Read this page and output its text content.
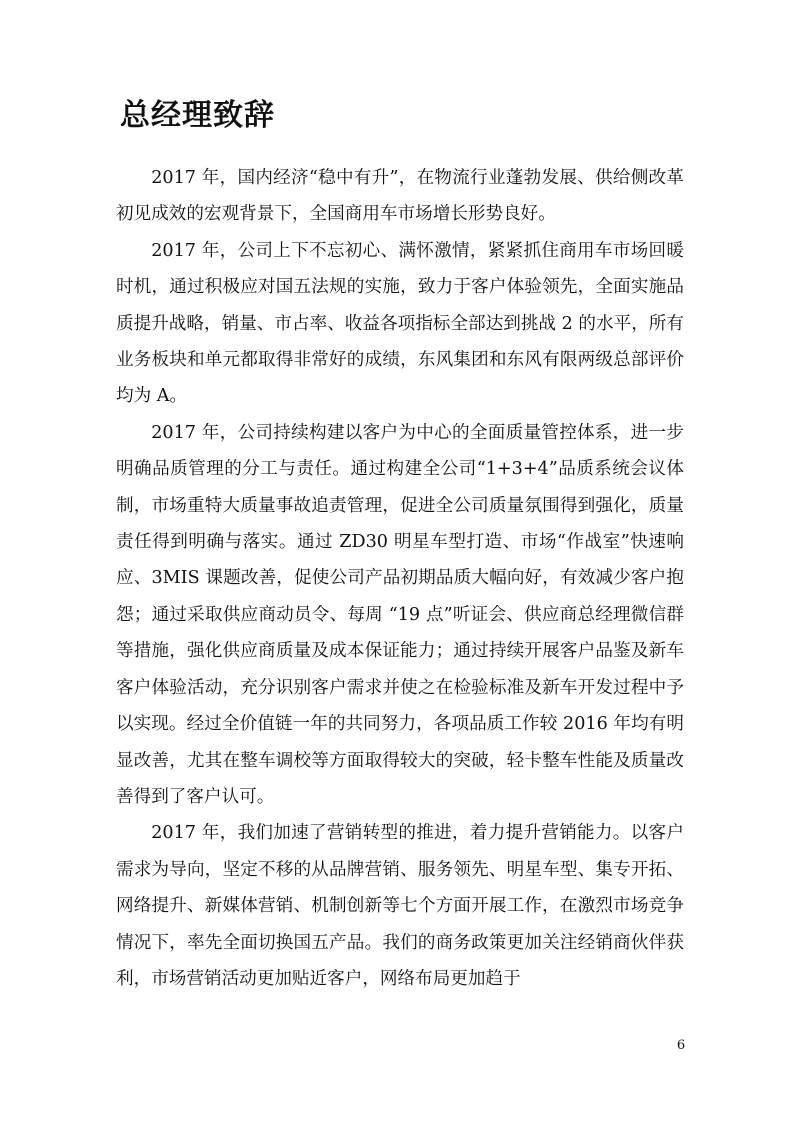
总经理致辞

2017 年，国内经济“稳中有升”，在物流行业蓬勃发展、供给侧改革初见成效的宏观背景下，全国商用车市场增长形势良好。

2017 年，公司上下不忘初心、满怀激情，紧紧抓住商用车市场回暖时机，通过积极应对国五法规的实施，致力于客户体验领先，全面实施品质提升战略，销量、市占率、收益各项指标全部达到挑战 2 的水平，所有业务板块和单元都取得非常好的成绩，东风集团和东风有限两级总部评价均为 A。

2017 年，公司持续构建以客户为中心的全面质量管控体系，进一步明确品质管理的分工与责任。通过构建全公司“1+3+4”品质系统会议体制，市场重特大质量事故追责管理，促进全公司质量氛围得到强化，质量责任得到明确与落实。通过 ZD30 明星车型打造、市场“作战室”快速响应、3MIS 课题改善，促使公司产品初期品质大幅向好，有效减少客户抱怨；通过采取供应商动员令、每周 “19 点”听证会、供应商总经理微信群等措施，强化供应商质量及成本保证能力；通过持续开展客户品鉴及新车客户体验活动，充分识别客户需求并使之在检验标准及新车开发过程中予以实现。经过全价值链一年的共同努力，各项品质工作较 2016 年均有明显改善，尤其在整车调校等方面取得较大的突破，轻卡整车性能及质量改善得到了客户认可。

2017 年，我们加速了营销转型的推进，着力提升营销能力。以客户需求为导向，坚定不移的从品牌营销、服务领先、明星车型、集专开拓、网络提升、新媒体营销、机制创新等七个方面开展工作，在激烈市场竞争情况下，率先全面切换国五产品。我们的商务政策更加关注经销商伙伴获利，市场营销活动更加贴近客户，网络布局更加趋于

6
